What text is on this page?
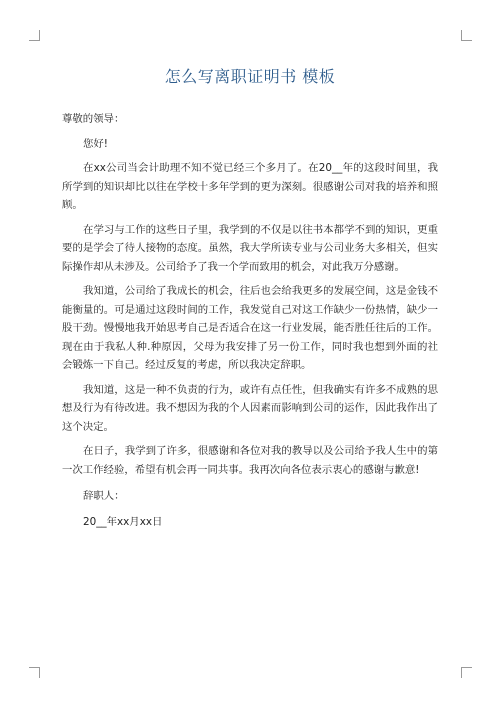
怎么写离职证明书 模板

尊敬的领导：

您好!

在xx公司当会计助理不知不觉已经三个多月了。在20__年的这段时间里，我所学到的知识却比以往在学校十多年学到的更为深刻。很感谢公司对我的培养和照顾。

在学习与工作的这些日子里，我学到的不仅是以往书本都学不到的知识，更重要的是学会了待人接物的态度。虽然，我大学所读专业与公司业务大多相关，但实际操作却从未涉及。公司给予了我一个学而致用的机会，对此我万分感谢。

我知道，公司给了我成长的机会，往后也会给我更多的发展空间，这是金钱不能衡量的。可是通过这段时间的工作，我发觉自己对这工作缺少一份热情，缺少一股干劲。慢慢地我开始思考自己是否适合在这一行业发展，能否胜任往后的工作。现在由于我私人种.种原因，父母为我安排了另一份工作，同时我也想到外面的社会锻炼一下自己。经过反复的考虑，所以我决定辞职。

我知道，这是一种不负责的行为，或许有点任性，但我确实有许多不成熟的思想及行为有待改进。我不想因为我的个人因素而影响到公司的运作，因此我作出了这个决定。

在日子，我学到了许多，很感谢和各位对我的教导以及公司给予我人生中的第一次工作经验，希望有机会再一同共事。我再次向各位表示衷心的感谢与歉意!

辞职人：

20__年xx月xx日
